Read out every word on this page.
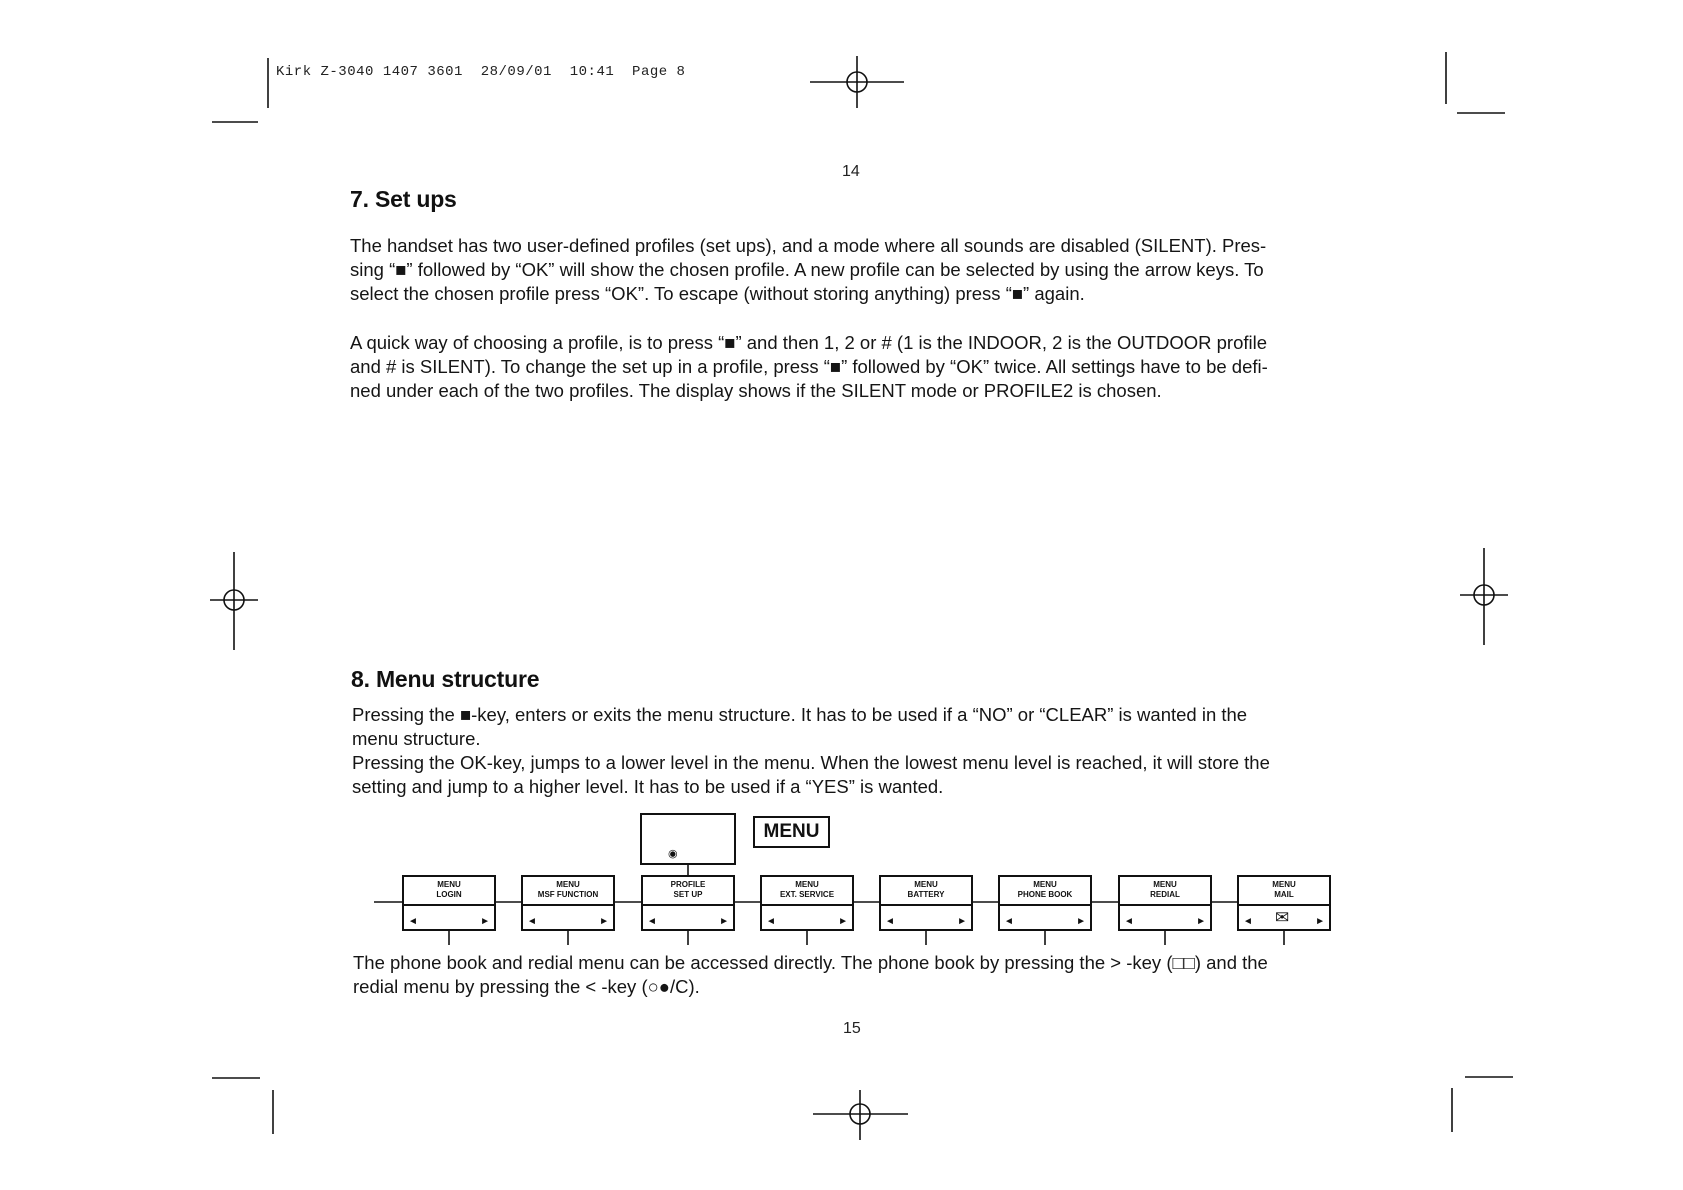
Kirk Z-3040 1407 3601  28/09/01  10:41  Page 8
14
7. Set ups

The handset has two user-defined profiles (set ups), and a mode where all sounds are disabled (SILENT). Pres-

sing “■” followed by “OK” will show the chosen profile. A new profile can be selected by using the arrow keys. To

select the chosen profile press “OK”. To escape (without storing anything) press “■” again.

A quick way of choosing a profile, is to press “■” and then 1, 2 or # (1 is the INDOOR, 2 is the OUTDOOR profile

and # is SILENT). To change the set up in a profile, press “■” followed by “OK” twice. All settings have to be defi-

ned under each of the two profiles. The display shows if the SILENT mode or PROFILE2 is chosen.

8. Menu structure

Pressing the ■-key, enters or exits the menu structure. It has to be used if a “NO” or “CLEAR” is wanted in the

menu structure.

Pressing the OK-key, jumps to a lower level in the menu. When the lowest menu level is reached, it will store the

setting and jump to a higher level. It has to be used if a “YES” is wanted.

◉
MENU
MENU
LOGIN
◄	►
MENU
MSF FUNCTION
◄	►
PROFILE
SET UP
◄	►
MENU
EXT. SERVICE
◄	►
MENU
BATTERY
◄	►
MENU
PHONE BOOK
◄	►
MENU
REDIAL
◄	►
MENU
MAIL
◄ ✉	►

The phone book and redial menu can be accessed directly. The phone book by pressing the > -key (□□) and the

redial menu by pressing the < -key (○●/C).

15
